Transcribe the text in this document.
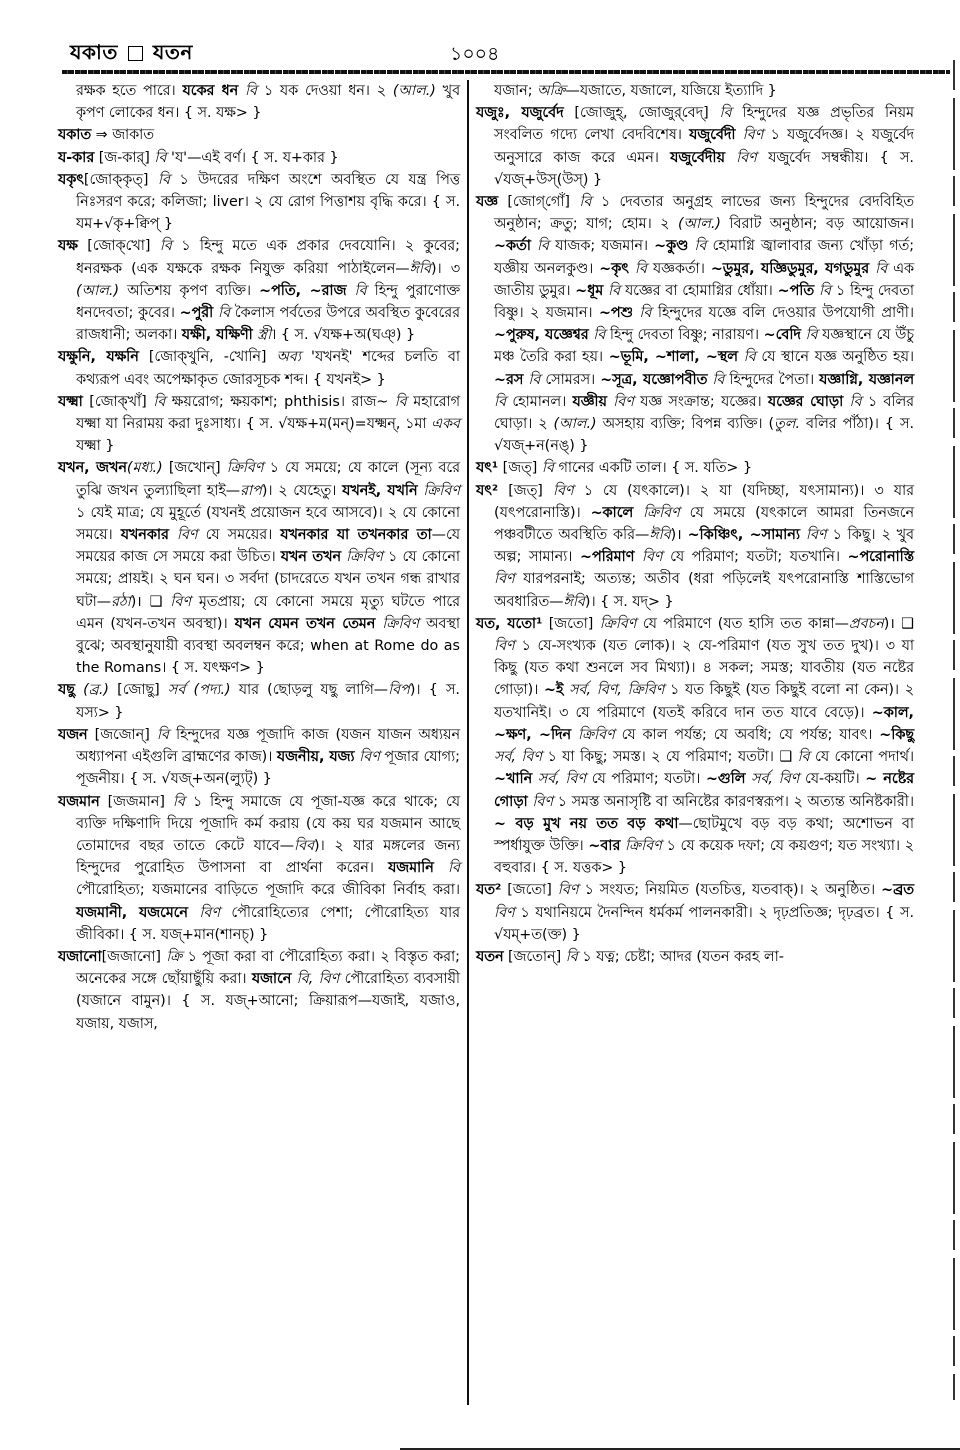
যকাত যতন	১০০৪

রক্ষক হতে পারে। যকের ধন বি ১ যক দেওয়া ধন। ২ (আল.) খুব কৃপণ লোকের ধন। { স. যক্ষ> }

যকাত ⇒ জাকাত

য-কার [জ-কার্] বি 'য'—এই বর্ণ। { স. য+কার }

যকৃৎ[জোক্‌কৃত্] বি ১ উদরের দক্ষিণ অংশে অবস্থিত যে যন্ত্র পিত্ত নিঃসরণ করে; কলিজা; liver। ২ যে রোগ পিত্তাশয় বৃদ্ধি করে। { স. যম+√কৃ+ক্বিপ্ }

যক্ষ [জোক্‌খো] বি ১ হিন্দু মতে এক প্রকার দেবযোনি। ২ কুবের; ধনরক্ষক (এক যক্ষকে রক্ষক নিযুক্ত করিয়া পাঠাইলেন—ঈবি)। ৩ (আল.) অতিশয় কৃপণ ব্যক্তি। ~পতি, ~রাজ বি হিন্দু পুরাণোক্ত ধনদেবতা; কুবের। ~পুরী বি কৈলাস পর্বতের উপরে অবস্থিত কুবেরের রাজধানী; অলকা। যক্ষী, যক্ষিণী স্ত্রী। { স. √যক্ষ+অ(ঘঞ্) }

যক্ষুনি, যক্ষনি [জোক্‌খুনি, -খোনি] অব্য 'যখনই' শব্দের চলতি বা কথ্যরূপ এবং অপেক্ষাকৃত জোরসূচক শব্দ। { যখনই> }

যক্ষ্মা [জোক্‌খাঁ] বি ক্ষয়রোগ; ক্ষয়কাশ; phthisis। রাজ~ বি মহারোগ যক্ষ্মা যা নিরাময় করা দুঃসাধ্য। { স. √যক্ষ+ম(মন্)=যক্ষ্মন্, ১মা একব যক্ষ্মা }

যখন, জখন(মধ্য.) [জখোন্] ক্রিবিণ ১ যে সময়ে; যে কালে (সূন্য বরে তুঝি জখন তুল্যাছিলা হাই—রাপ)। ২ যেহেতু। যখনই, যখনি ক্রিবিণ ১ যেই মাত্র; যে মুহূর্তে (যখনই প্রয়োজন হবে আসবে)। ২ যে কোনো সময়ে। যখনকার বিণ যে সময়ের। যখনকার যা তখনকার তা—যে সময়ের কাজ সে সময়ে করা উচিত। যখন তখন ক্রিবিণ ১ যে কোনো সময়ে; প্রায়ই। ২ ঘন ঘন। ৩ সর্বদা (চাদরেতে যখন তখন গন্ধ রাখার ঘটা—রঠা)। ❑ বিণ মৃতপ্রায়; যে কোনো সময়ে মৃত্যু ঘটতে পারে এমন (যখন-তখন অবস্থা)। যখন যেমন তখন তেমন ক্রিবিণ অবস্থা বুঝে; অবস্থানুযায়ী ব্যবস্থা অবলম্বন করে; when at Rome do as the Romans। { স. যৎক্ষণ> }

যছু (ব্র.) [জোছু] সর্ব (পদ্য.) যার (ছোড়লু যছু লাগি—বিপ)। { স. যস্য> }

যজন [জজোন্] বি হিন্দুদের যজ্ঞ পূজাদি কাজ (যজন যাজন অধ্যয়ন অধ্যাপনা এইগুলি ব্রাহ্মণের কাজ)। যজনীয়, যজ্য বিণ পূজার যোগ্য; পূজনীয়। { স. √যজ্+অন(ল্যুট্) }

যজমান [জজমান] বি ১ হিন্দু সমাজে যে পূজা-যজ্ঞ করে থাকে; যে ব্যক্তি দক্ষিণাদি দিয়ে পূজাদি কর্ম করায় (যে কয় ঘর যজমান আছে তোমাদের বছর তাতে কেটে যাবে—বিব)। ২ যার মঙ্গলের জন্য হিন্দুদের পুরোহিত উপাসনা বা প্রার্থনা করেন। যজমানি বি পৌরোহিত্য; যজমানের বাড়িতে পূজাদি করে জীবিকা নির্বাহ করা। যজমানী, যজমেনে বিণ পৌরোহিত্যের পেশা; পৌরোহিত্য যার জীবিকা। { স. যজ্+মান(শানচ্) }

যজানো[জজানো] ক্রি ১ পূজা করা বা পৌরোহিত্য করা। ২ বিস্তৃত করা; অনেকের সঙ্গে ছোঁয়াছুঁয়ি করা। যজানে বি, বিণ পৌরোহিত্য ব্যবসায়ী (যজানে বামুন)। { স. যজ্+আনো; ক্রিয়ারূপ—যজাই, যজাও, যজায়, যজাস,

যজান; অক্রি—যজাতে, যজালে, যজিয়ে ইত্যাদি }

যজুঃ, যজুর্বেদ [জোজুহ্, জোজুর্‌বেদ্] বি হিন্দুদের যজ্ঞ প্রভৃতির নিয়ম সংবলিত গদ্যে লেখা বেদবিশেষ। যজুর্বেদী বিণ ১ যজুর্বেদজ্ঞ। ২ যজুর্বেদ অনুসারে কাজ করে এমন। যজুর্বেদীয় বিণ যজুর্বেদ সম্বন্ধীয়। { স. √যজ্+উস্(উস্) }

যজ্ঞ [জোগ্‌গোঁ] বি ১ দেবতার অনুগ্রহ লাভের জন্য হিন্দুদের বেদবিহিত অনুষ্ঠান; ক্রতু; যাগ; হোম। ২ (আল.) বিরাট অনুষ্ঠান; বড় আয়োজন। ~কর্তা বি যাজক; যজমান। ~কুণ্ড বি হোমাগ্নি জ্বালাবার জন্য খোঁড়া গর্ত; যজ্ঞীয় অনলকুণ্ড। ~কৃৎ বি যজ্ঞকর্তা। ~ডুমুর, যজ্ঞিডুমুর, যগডুমুর বি এক জাতীয় ডুমুর। ~ধূম বি যজ্ঞের বা হোমাগ্নির ধোঁয়া। ~পতি বি ১ হিন্দু দেবতা বিষ্ণু। ২ যজমান। ~পশু বি হিন্দুদের যজ্ঞে বলি দেওয়ার উপযোগী প্রাণী। ~পুরুষ, যজ্ঞেশ্বর বি হিন্দু দেবতা বিষ্ণু; নারায়ণ। ~বেদি বি যজ্ঞস্থানে যে উঁচু মঞ্চ তৈরি করা হয়। ~ভূমি, ~শালা, ~স্থল বি যে স্থানে যজ্ঞ অনুষ্ঠিত হয়। ~রস বি সোমরস। ~সূত্র, যজ্ঞোপবীত বি হিন্দুদের পৈতা। যজ্ঞাগ্নি, যজ্ঞানল বি হোমানল। যজ্ঞীয় বিণ যজ্ঞ সংক্রান্ত; যজ্ঞের। যজ্ঞের ঘোড়া বি ১ বলির ঘোড়া। ২ (আল.) অসহায় ব্যক্তি; বিপন্ন ব্যক্তি। (তুল. বলির পাঁঠা)। { স. √যজ্+ন(নঙ্) }

যৎ¹ [জত্] বি গানের একটি তাল। { স. যতি> }

যৎ² [জত্] বিণ ১ যে (যৎকালে)। ২ যা (যদিচ্ছা, যৎসামান্য)। ৩ যার (যৎপরোনাস্তি)। ~কালে ক্রিবিণ যে সময়ে (যৎকালে আমরা তিনজনে পঞ্চবটীতে অবস্থিতি করি—ঈবি)। ~কিঞ্চিৎ, ~সামান্য বিণ ১ কিছু। ২ খুব অল্প; সামান্য। ~পরিমাণ বিণ যে পরিমাণ; যতটা; যতখানি। ~পরোনাস্তি বিণ যারপরনাই; অত্যন্ত; অতীব (ধরা পড়িলেই যৎপরোনাস্তি শাস্তিভোগ অবধারিত—ঈবি)। { স. যদ্> }

যত, যতো¹ [জতো] ক্রিবিণ যে পরিমাণে (যত হাসি তত কান্না—প্রবচন)। ❑ বিণ ১ যে-সংখ্যক (যত লোক)। ২ যে-পরিমাণ (যত সুখ তত দুখ)। ৩ যা কিছু (যত কথা শুনলে সব মিথ্যা)। ৪ সকল; সমস্ত; যাবতীয় (যত নষ্টের গোড়া)। ~ই সর্ব, বিণ, ক্রিবিণ ১ যত কিছুই (যত কিছুই বলো না কেন)। ২ যতখানিই। ৩ যে পরিমাণে (যতই করিবে দান তত যাবে বেড়ে)। ~কাল, ~ক্ষণ, ~দিন ক্রিবিণ যে কাল পর্যন্ত; যে অবধি; যে পর্যন্ত; যাবৎ। ~কিছু সর্ব, বিণ ১ যা কিছু; সমস্ত। ২ যে পরিমাণ; যতটা। ❑ বি যে কোনো পদার্থ। ~খানি সর্ব, বিণ যে পরিমাণ; যতটা। ~গুলি সর্ব, বিণ যে-কয়টি। ~ নষ্টের গোড়া বিণ ১ সমস্ত অনাসৃষ্টি বা অনিষ্টের কারণস্বরূপ। ২ অত্যন্ত অনিষ্টকারী। ~ বড় মুখ নয় তত বড় কথা—ছোটমুখে বড় বড় কথা; অশোভন বা স্পর্ধাযুক্ত উক্তি। ~বার ক্রিবিণ ১ যে কয়েক দফা; যে কয়গুণ; যত সংখ্যা। ২ বহুবার। { স. যত্তক> }

যত² [জতো] বিণ ১ সংযত; নিয়মিত (যতচিত্ত, যতবাক্)। ২ অনুষ্ঠিত। ~ব্রত বিণ ১ যথানিয়মে দৈনন্দিন ধর্মকর্ম পালনকারী। ২ দৃঢ়প্রতিজ্ঞ; দৃঢ়ব্রত। { স. √যম্+ত(ক্ত) }

যতন [জতোন্] বি ১ যত্ন; চেষ্টা; আদর (যতন করহ লা-
